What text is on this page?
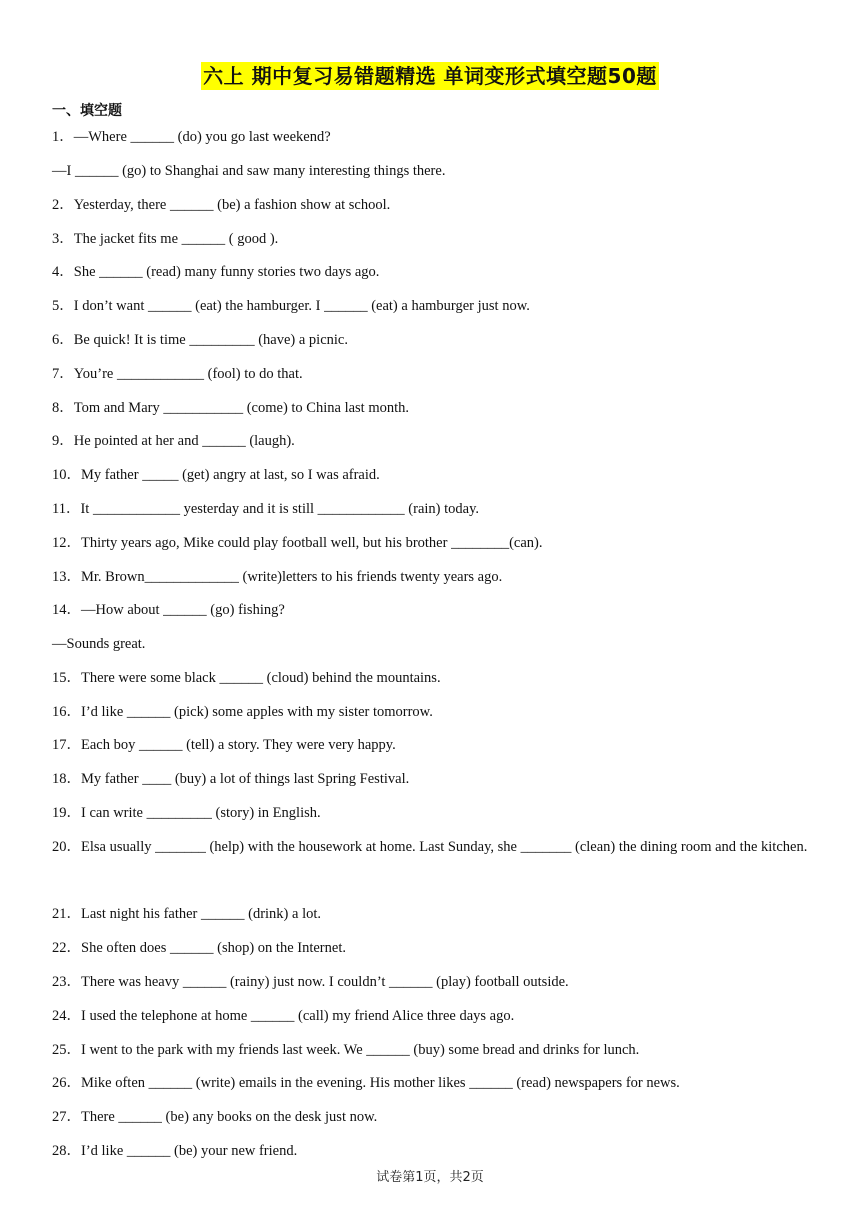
六上 期中复习易错题精选 单词变形式填空题50题
一、填空题
1．—Where ______ (do) you go last weekend?
—I ______ (go) to Shanghai and saw many interesting things there.
2．Yesterday, there ______ (be) a fashion show at school.
3．The jacket fits me ______ ( good ).
4．She ______ (read) many funny stories two days ago.
5．I don’t want ______ (eat) the hamburger. I ______ (eat) a hamburger just now.
6．Be quick! It is time _________ (have) a picnic.
7．You’re ____________ (fool) to do that.
8．Tom and Mary ___________ (come) to China last month.
9．He pointed at her and ______ (laugh).
10．My father _____ (get) angry at last, so I was afraid.
11．It ____________ yesterday and it is still ____________ (rain) today.
12．Thirty years ago, Mike could play football well, but his brother ________(can).
13．Mr. Brown_____________ (write)letters to his friends twenty years ago.
14．—How about ______ (go) fishing?
—Sounds great.
15．There were some black ______ (cloud) behind the mountains.
16．I’d like ______ (pick) some apples with my sister tomorrow.
17．Each boy ______ (tell) a story. They were very happy.
18．My father ____ (buy) a lot of things last Spring Festival.
19．I can write _________ (story) in English.
20．Elsa usually _______ (help) with the housework at home. Last Sunday, she _______ (clean) the dining room and the kitchen.
21．Last night his father ______ (drink) a lot.
22．She often does ______ (shop) on the Internet.
23．There was heavy ______ (rainy) just now. I couldn’t ______ (play) football outside.
24．I used the telephone at home ______ (call) my friend Alice three days ago.
25．I went to the park with my friends last week. We ______ (buy) some bread and drinks for lunch.
26．Mike often ______ (write) emails in the evening. His mother likes ______ (read) newspapers for news.
27．There ______ (be) any books on the desk just now.
28．I’d like ______ (be) your new friend.
试卷第1页，共2页
